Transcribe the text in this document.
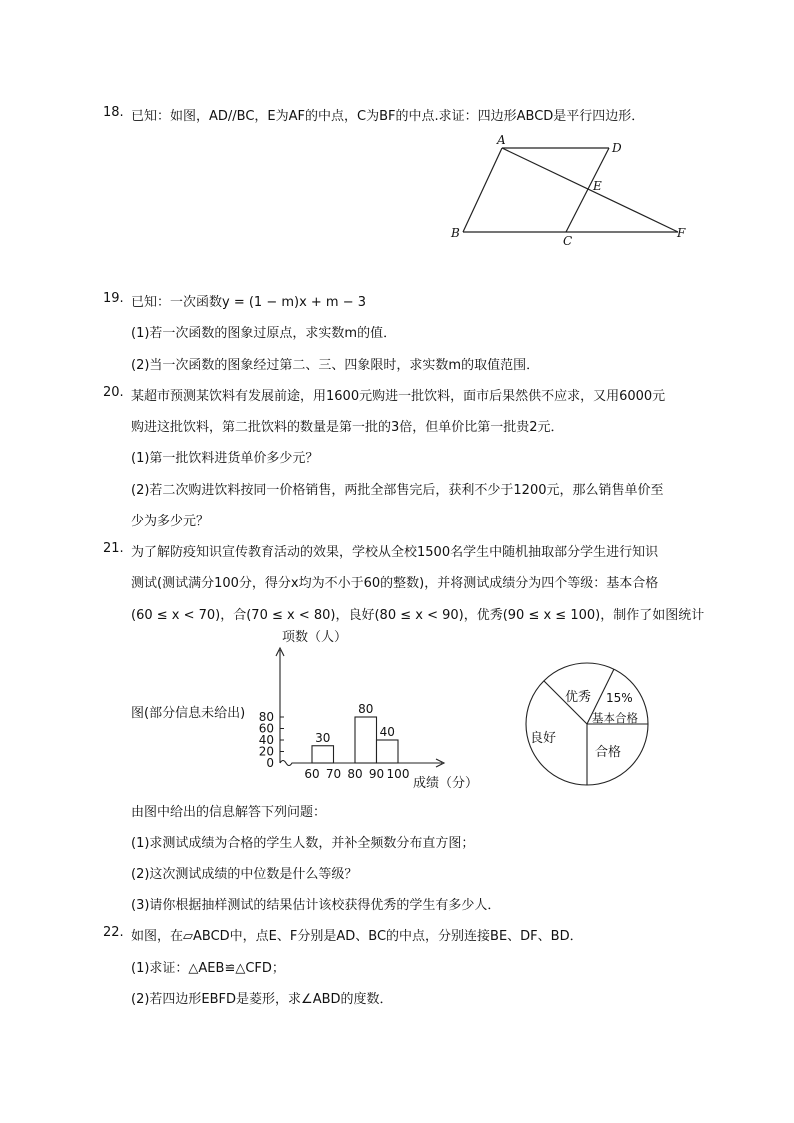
18. 已知：如图，AD//BC，E为AF的中点，C为BF的中点.求证：四边形ABCD是平行四边形．
A
D
E
B
C
F
19. 已知：一次函数y = (1 − m)x + m − 3
(1)若一次函数的图象过原点，求实数m的值．
(2)当一次函数的图象经过第二、三、四象限时，求实数m的取值范围．
20. 某超市预测某饮料有发展前途，用1600元购进一批饮料，面市后果然供不应求，又用6000元
购进这批饮料，第二批饮料的数量是第一批的3倍，但单价比第一批贵2元．
(1)第一批饮料进货单价多少元？
(2)若二次购进饮料按同一价格销售，两批全部售完后，获利不少于1200元，那么销售单价至
少为多少元？
21. 为了解防疫知识宣传教育活动的效果，学校从全校1500名学生中随机抽取部分学生进行知识
测试(测试满分100分，得分x均为不小于60的整数)，并将测试成绩分为四个等级：基本合格
(60 ≤ x < 70)，合(70 ≤ x < 80)，良好(80 ≤ x < 90)，优秀(90 ≤ x ≤ 100)，制作了如图统计
图(部分信息未给出)
项数（人）
0
20
40
60
80
60 70 80 90 100
30
80
40
成绩（分）
优秀 15%
基本合格
良好
合格
由图中给出的信息解答下列问题：
(1)求测试成绩为合格的学生人数，并补全频数分布直方图；
(2)这次测试成绩的中位数是什么等级？
(3)请你根据抽样测试的结果估计该校获得优秀的学生有多少人．
22. 如图，在▱ABCD中，点E、F分别是AD、BC的中点，分别连接BE、DF、BD．
(1)求证：△AEB≌△CFD；
(2)若四边形EBFD是菱形，求∠ABD的度数．
